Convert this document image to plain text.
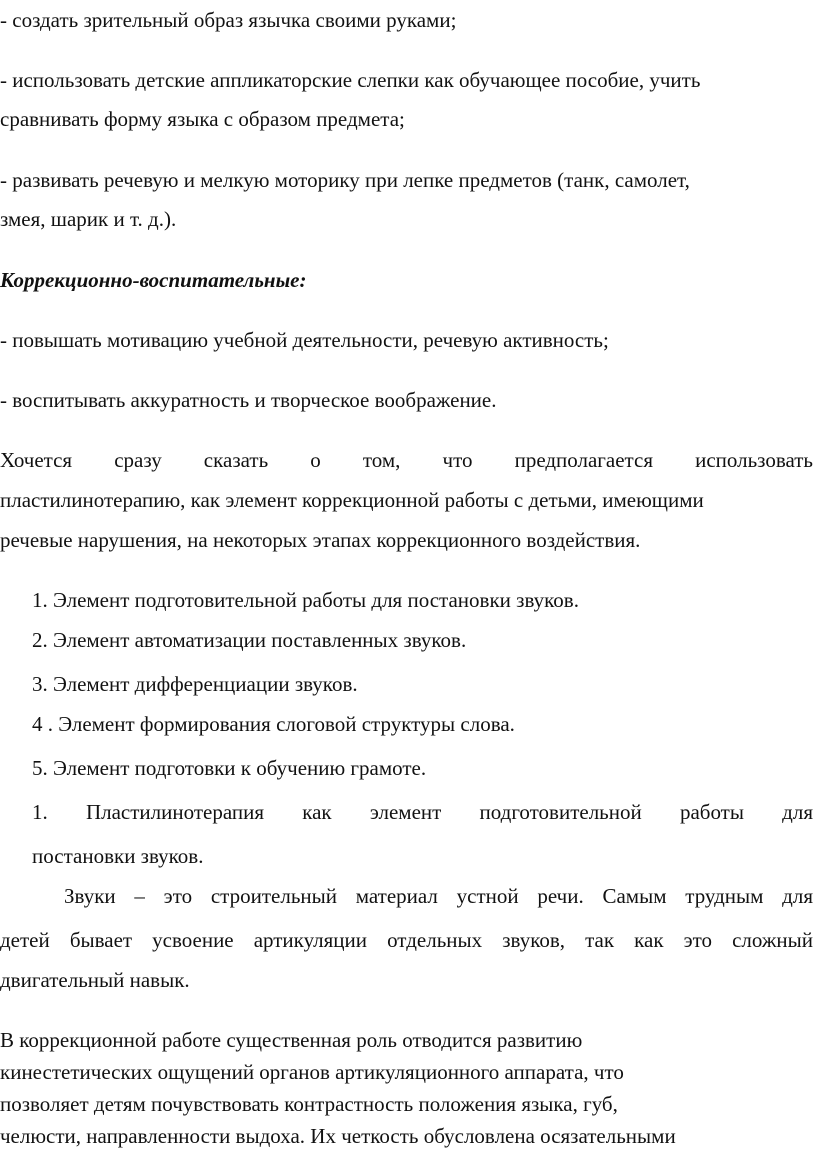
- создать зрительный образ язычка своими руками;

- использовать детские аппликаторские слепки как обучающее пособие, учить

сравнивать форму языка с образом предмета;

- развивать речевую и мелкую моторику при лепке предметов (танк, самолет,

змея, шарик и т. д.).

Коррекционно-воспитательные:

- повышать мотивацию учебной деятельности, речевую активность;

- воспитывать аккуратность и творческое воображение.

Хочется сразу сказать о том, что предполагается использовать

пластилинотерапию, как элемент коррекционной работы с детьми, имеющими

речевые нарушения, на некоторых этапах коррекционного воздействия.

1. Элемент подготовительной работы для постановки звуков.

2. Элемент автоматизации поставленных звуков.

3. Элемент дифференциации звуков.

4 . Элемент формирования слоговой структуры слова.

5. Элемент подготовки к обучению грамоте.

1. Пластилинотерапия как элемент подготовительной работы для

постановки звуков.

Звуки – это строительный материал устной речи. Самым трудным для

детей бывает усвоение артикуляции отдельных звуков, так как это сложный

двигательный навык.

В коррекционной работе существенная роль отводится развитию

кинестетических ощущений органов артикуляционного аппарата, что

позволяет детям почувствовать контрастность положения языка, губ,

челюсти, направленности выдоха. Их четкость обусловлена осязательными
